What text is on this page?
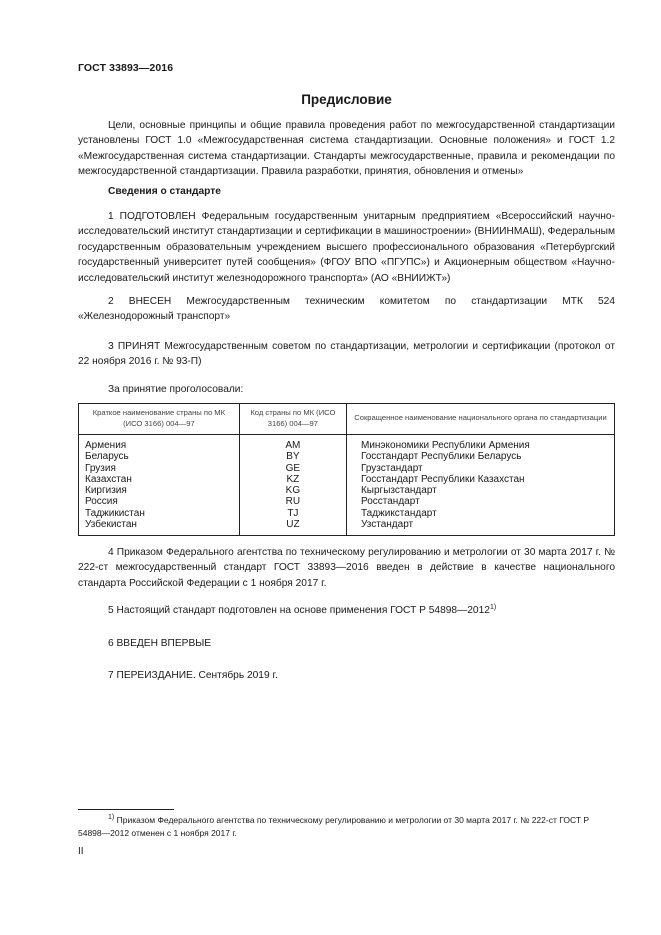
ГОСТ 33893—2016
Предисловие

Цели, основные принципы и общие правила проведения работ по межгосударственной стандартизации установлены ГОСТ 1.0 «Межгосударственная система стандартизации. Основные положения» и ГОСТ 1.2 «Межгосударственная система стандартизации. Стандарты межгосударственные, правила и рекомендации по межгосударственной стандартизации. Правила разработки, принятия, обновления и отмены»

Сведения о стандарте

1 ПОДГОТОВЛЕН Федеральным государственным унитарным предприятием «Всероссийский научно-исследовательский институт стандартизации и сертификации в машиностроении» (ВНИИНМАШ), Федеральным государственным образовательным учреждением высшего профессионального образования «Петербургский государственный университет путей сообщения» (ФГОУ ВПО «ПГУПС») и Акционерным обществом «Научно-исследовательский институт железнодорожного транспорта» (АО «ВНИИЖТ»)

2 ВНЕСЕН Межгосударственным техническим комитетом по стандартизации МТК 524 «Железнодорожный транспорт»

3 ПРИНЯТ Межгосударственным советом по стандартизации, метрологии и сертификации (протокол от 22 ноября 2016 г. № 93-П)

За принятие проголосовали:
Краткое наименование страны по МК (ИСО 3166) 004—97	Код страны по МК (ИСО 3166) 004—97	Сокращенное наименование национального органа по стандартизации
Армения	AM	Минэкономики Республики Армения
Беларусь	BY	Госстандарт Республики Беларусь
Грузия	GE	Грузстандарт
Казахстан	KZ	Госстандарт Республики Казахстан
Киргизия	KG	Кыргызстандарт
Россия	RU	Росстандарт
Таджикистан	TJ	Таджикстандарт
Узбекистан	UZ	Узстандарт

4 Приказом Федерального агентства по техническому регулированию и метрологии от 30 марта 2017 г. № 222-ст межгосударственный стандарт ГОСТ 33893—2016 введен в действие в качестве национального стандарта Российской Федерации с 1 ноября 2017 г.

5 Настоящий стандарт подготовлен на основе применения ГОСТ Р 54898—2012$^{1)}$
6 ВВЕДЕН ВПЕРВЫЕ
7 ПЕРЕИЗДАНИЕ. Сентябрь 2019 г.

$^{1)}$ Приказом Федерального агентства по техническому регулированию и метрологии от 30 марта 2017 г. № 222-ст ГОСТ Р 54898—2012 отменен с 1 ноября 2017 г.

II
